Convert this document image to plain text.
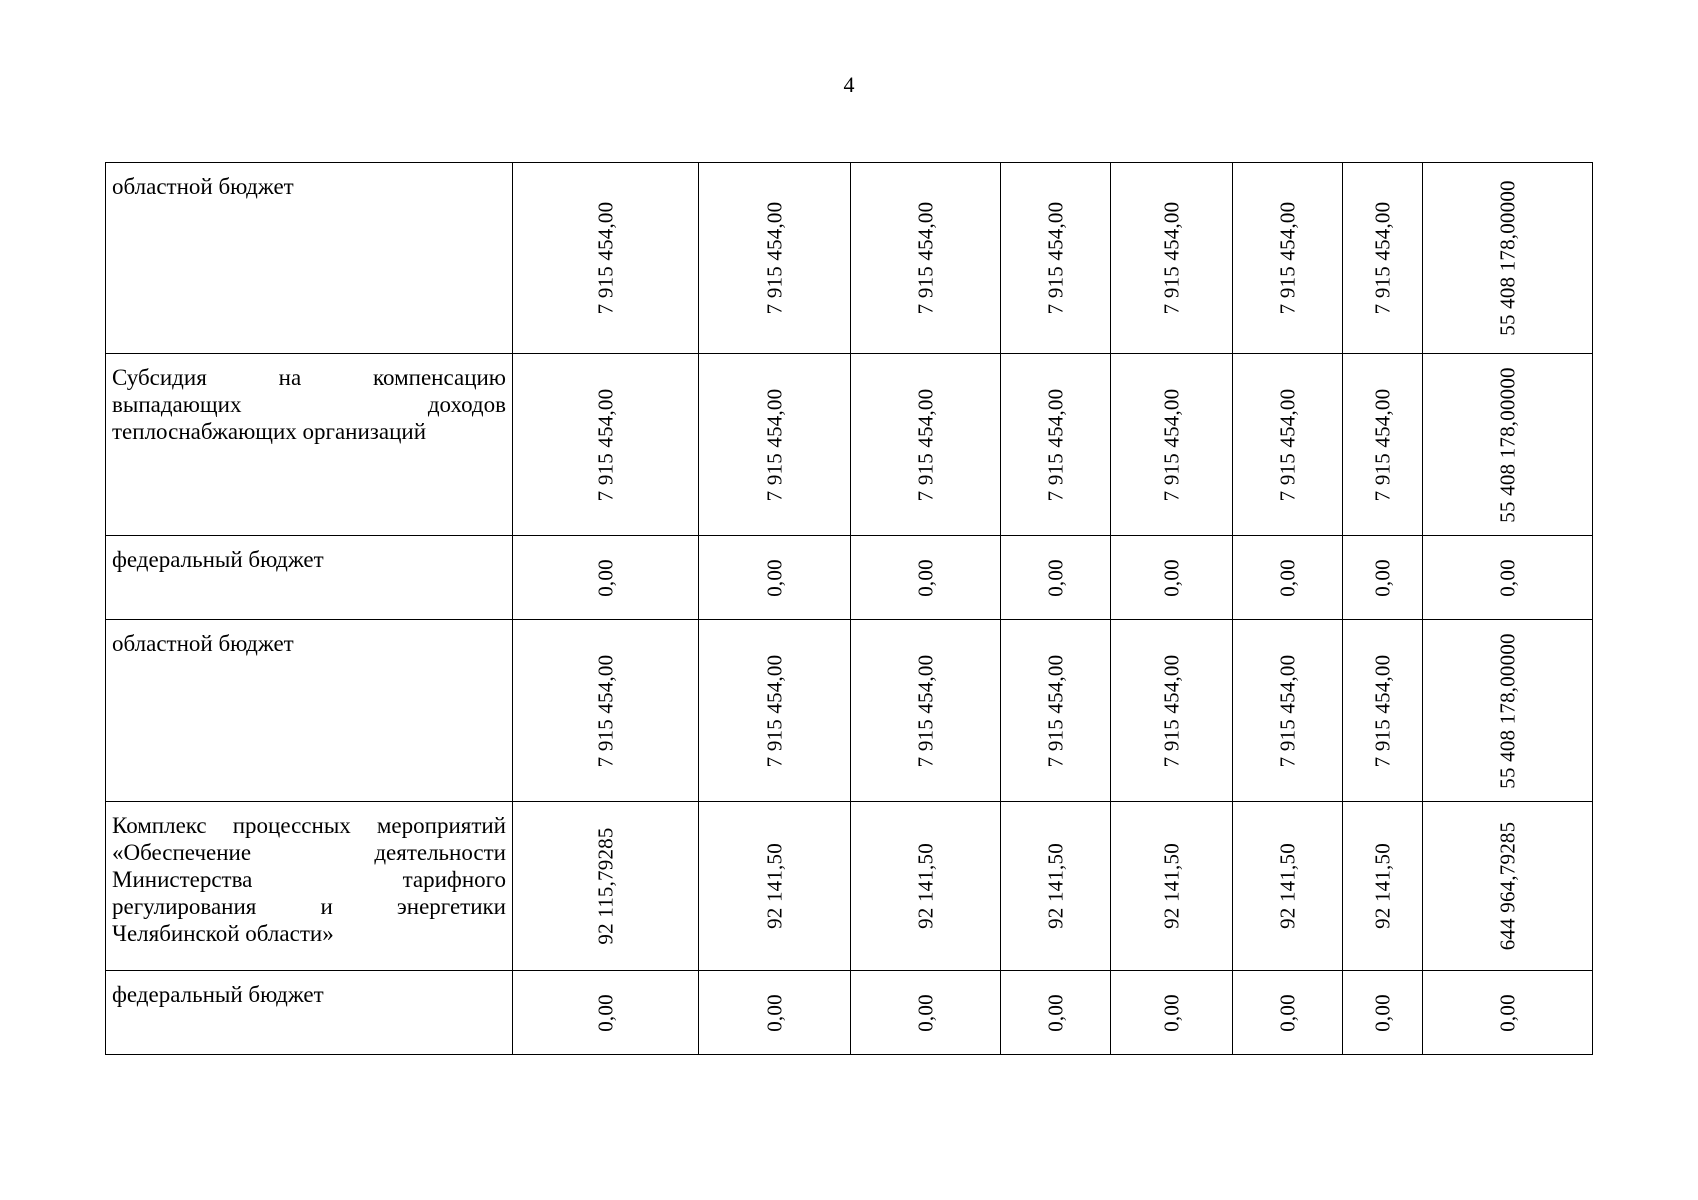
4
областной бюджет	7 915 454,00	7 915 454,00	7 915 454,00	7 915 454,00	7 915 454,00	7 915 454,00	7 915 454,00	55 408 178,00000

Субсидия на компенсацию выпадающих доходов теплоснабжающих организаций	7 915 454,00	7 915 454,00	7 915 454,00	7 915 454,00	7 915 454,00	7 915 454,00	7 915 454,00	55 408 178,00000

федеральный бюджет	0,00	0,00	0,00	0,00	0,00	0,00	0,00	0,00

областной бюджет	7 915 454,00	7 915 454,00	7 915 454,00	7 915 454,00	7 915 454,00	7 915 454,00	7 915 454,00	55 408 178,00000

Комплекс процессных мероприятий «Обеспечение деятельности Министерства тарифного регулирования и энергетики Челябинской области»	92 115,79285	92 141,50	92 141,50	92 141,50	92 141,50	92 141,50	92 141,50	644 964,79285

федеральный бюджет	0,00	0,00	0,00	0,00	0,00	0,00	0,00	0,00
